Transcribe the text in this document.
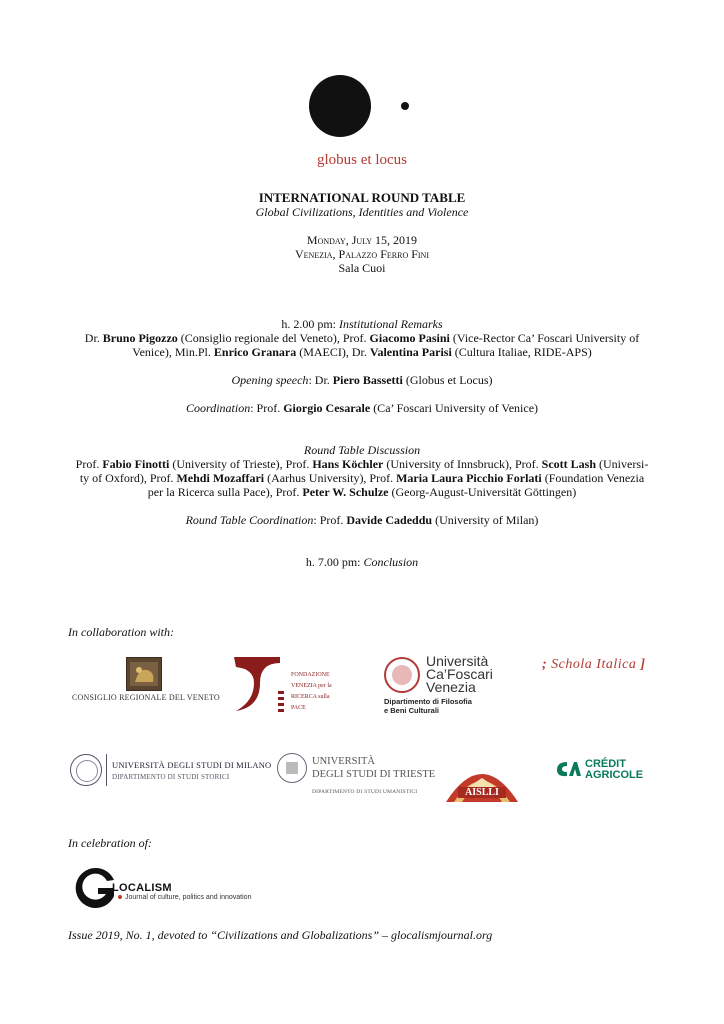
globus et locus
INTERNATIONAL ROUND TABLE
Global Civilizations, Identities and Violence
Monday, July 15, 2019
Venezia, Palazzo Ferro Fini
Sala Cuoi
h. 2.00 pm: Institutional Remarks
Dr. Bruno Pigozzo (Consiglio regionale del Veneto), Prof. Giacomo Pasini (Vice-Rector Ca’ Foscari University of
Venice), Min.Pl. Enrico Granara (MAECI), Dr. Valentina Parisi (Cultura Italiae, RIDE-APS)
Opening speech: Dr. Piero Bassetti (Globus et Locus)
Coordination: Prof. Giorgio Cesarale (Ca’ Foscari University of Venice)
Round Table Discussion
Prof. Fabio Finotti (University of Trieste), Prof. Hans Köchler (University of Innsbruck), Prof. Scott Lash (Universi-
ty of Oxford), Prof. Mehdi Mozaffari (Aarhus University), Prof. Maria Laura Picchio Forlati (Foundation Venezia
per la Ricerca sulla Pace), Prof. Peter W. Schulze (Georg-August-Universität Göttingen)
Round Table Coordination: Prof. Davide Cadeddu (University of Milan)
h. 7.00 pm: Conclusion
In collaboration with:
CONSIGLIO REGIONALE DEL VENETO
FONDAZIONE
VENEZIA per la
RICERCA sulla
PACE
Università
Ca’Foscari
Venezia
Dipartimento di Filosofia
e Beni Culturali
; Schola Italica ]
UNIVERSITÀ DEGLI STUDI DI MILANO
DIPARTIMENTO DI STUDI STORICI
UNIVERSITÀ
DEGLI STUDI DI TRIESTE
DIPARTIMENTO DI STUDI UMANISTICI	AISLLI
CRÉDIT
AGRICOLE
In celebration of:
LOCALISM
Journal of culture, politics and innovation
Issue 2019, No. 1, devoted to “Civilizations and Globalizations” – glocalismjournal.org
